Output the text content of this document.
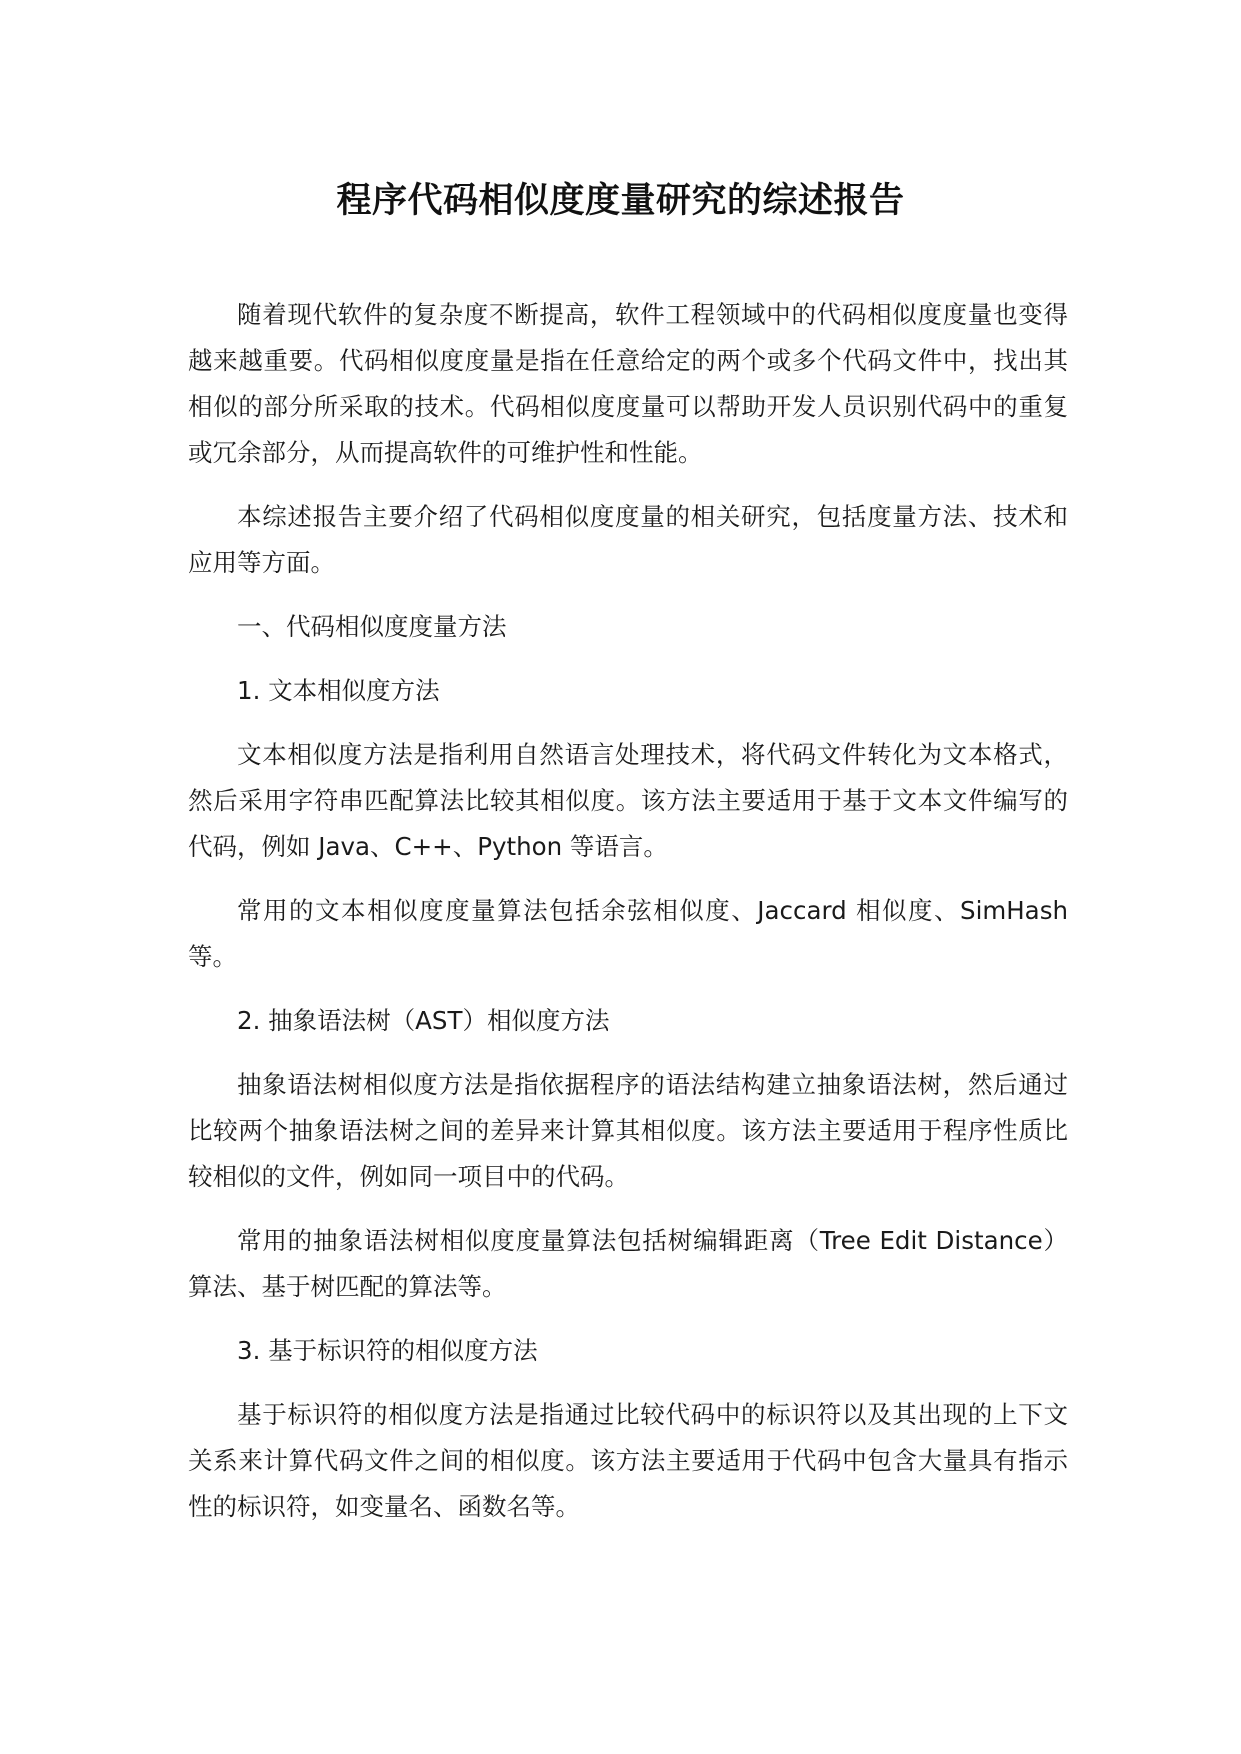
程序代码相似度度量研究的综述报告

随着现代软件的复杂度不断提高，软件工程领域中的代码相似度度量也变得越来越重要。代码相似度度量是指在任意给定的两个或多个代码文件中，找出其相似的部分所采取的技术。代码相似度度量可以帮助开发人员识别代码中的重复或冗余部分，从而提高软件的可维护性和性能。

本综述报告主要介绍了代码相似度度量的相关研究，包括度量方法、技术和应用等方面。

一、代码相似度度量方法

1. 文本相似度方法

文本相似度方法是指利用自然语言处理技术，将代码文件转化为文本格式，然后采用字符串匹配算法比较其相似度。该方法主要适用于基于文本文件编写的代码，例如 Java、C++、Python 等语言。

常用的文本相似度度量算法包括余弦相似度、Jaccard 相似度、SimHash 等。

2. 抽象语法树（AST）相似度方法

抽象语法树相似度方法是指依据程序的语法结构建立抽象语法树，然后通过比较两个抽象语法树之间的差异来计算其相似度。该方法主要适用于程序性质比较相似的文件，例如同一项目中的代码。

常用的抽象语法树相似度度量算法包括树编辑距离（Tree Edit Distance）算法、基于树匹配的算法等。

3. 基于标识符的相似度方法

基于标识符的相似度方法是指通过比较代码中的标识符以及其出现的上下文关系来计算代码文件之间的相似度。该方法主要适用于代码中包含大量具有指示性的标识符，如变量名、函数名等。
